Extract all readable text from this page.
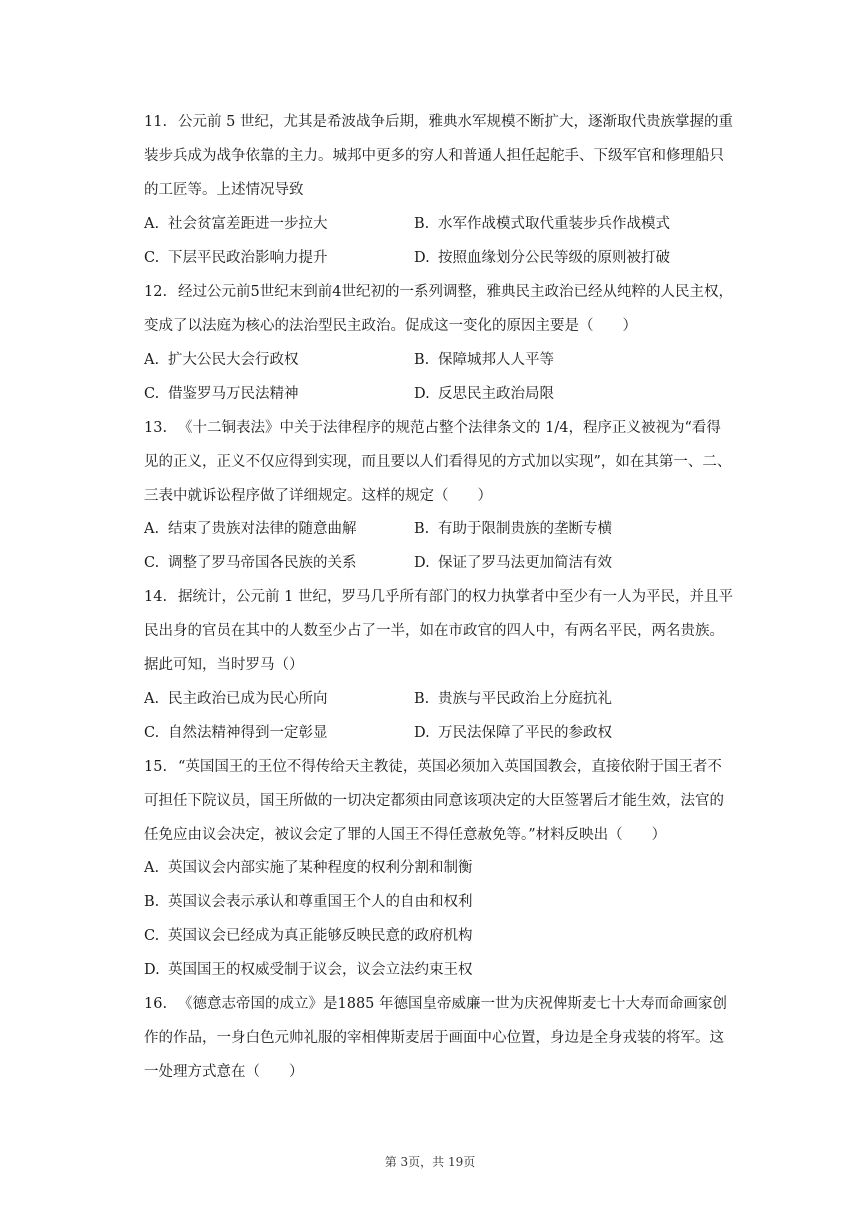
11. 公元前 5 世纪，尤其是希波战争后期，雅典水军规模不断扩大，逐渐取代贵族掌握的重
装步兵成为战争依靠的主力。城邦中更多的穷人和普通人担任起舵手、下级军官和修理船只
的工匠等。上述情况导致
A. 社会贫富差距进一步拉大	B. 水军作战模式取代重装步兵作战模式
C. 下层平民政治影响力提升	D. 按照血缘划分公民等级的原则被打破
12. 经过公元前5世纪末到前4世纪初的一系列调整，雅典民主政治已经从纯粹的人民主权，
变成了以法庭为核心的法治型民主政治。促成这一变化的原因主要是（　　）
A. 扩大公民大会行政权	B. 保障城邦人人平等
C. 借鉴罗马万民法精神	D. 反思民主政治局限
13. 《十二铜表法》中关于法律程序的规范占整个法律条文的 1/4，程序正义被视为“看得
见的正义，正义不仅应得到实现，而且要以人们看得见的方式加以实现”，如在其第一、二、
三表中就诉讼程序做了详细规定。这样的规定（　　）
A. 结束了贵族对法律的随意曲解	B. 有助于限制贵族的垄断专横
C. 调整了罗马帝国各民族的关系	D. 保证了罗马法更加简洁有效
14. 据统计，公元前 1 世纪，罗马几乎所有部门的权力执掌者中至少有一人为平民，并且平
民出身的官员在其中的人数至少占了一半，如在市政官的四人中，有两名平民，两名贵族。
据此可知，当时罗马（）
A. 民主政治已成为民心所向	B. 贵族与平民政治上分庭抗礼
C. 自然法精神得到一定彰显	D. 万民法保障了平民的参政权
15. “英国国王的王位不得传给天主教徒，英国必须加入英国国教会，直接依附于国王者不
可担任下院议员，国王所做的一切决定都须由同意该项决定的大臣签署后才能生效，法官的
任免应由议会决定，被议会定了罪的人国王不得任意赦免等。”材料反映出（　　）
A. 英国议会内部实施了某种程度的权利分割和制衡
B. 英国议会表示承认和尊重国王个人的自由和权利
C. 英国议会已经成为真正能够反映民意的政府机构
D. 英国国王的权威受制于议会，议会立法约束王权
16. 《德意志帝国的成立》是1885 年德国皇帝威廉一世为庆祝俾斯麦七十大寿而命画家创
作的作品，一身白色元帅礼服的宰相俾斯麦居于画面中心位置，身边是全身戎装的将军。这
一处理方式意在（　　）
第 3页，共 19页
